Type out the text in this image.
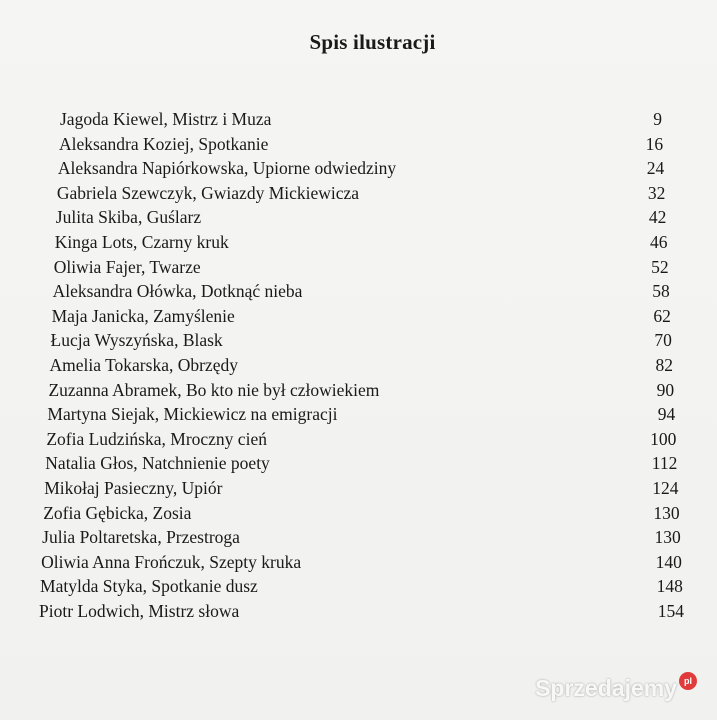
Spis ilustracji
Jagoda Kiewel, Mistrz i Muza	9
Aleksandra Koziej, Spotkanie	16
Aleksandra Napiórkowska, Upiorne odwiedziny	24
Gabriela Szewczyk, Gwiazdy Mickiewicza	32
Julita Skiba, Guślarz	42
Kinga Lots, Czarny kruk	46
Oliwia Fajer, Twarze	52
Aleksandra Ołówka, Dotknąć nieba	58
Maja Janicka, Zamyślenie	62
Łucja Wyszyńska, Blask	70
Amelia Tokarska, Obrzędy	82
Zuzanna Abramek, Bo kto nie był człowiekiem	90
Martyna Siejak, Mickiewicz na emigracji	94
Zofia Ludzińska, Mroczny cień	100
Natalia Głos, Natchnienie poety	112
Mikołaj Pasieczny, Upiór	124
Zofia Gębicka, Zosia	130
Julia Poltaretska, Przestroga	130
Oliwia Anna Frończuk, Szepty kruka	140
Matylda Styka, Spotkanie dusz	148
Piotr Lodwich, Mistrz słowa	154
Sprzedajemy pl
